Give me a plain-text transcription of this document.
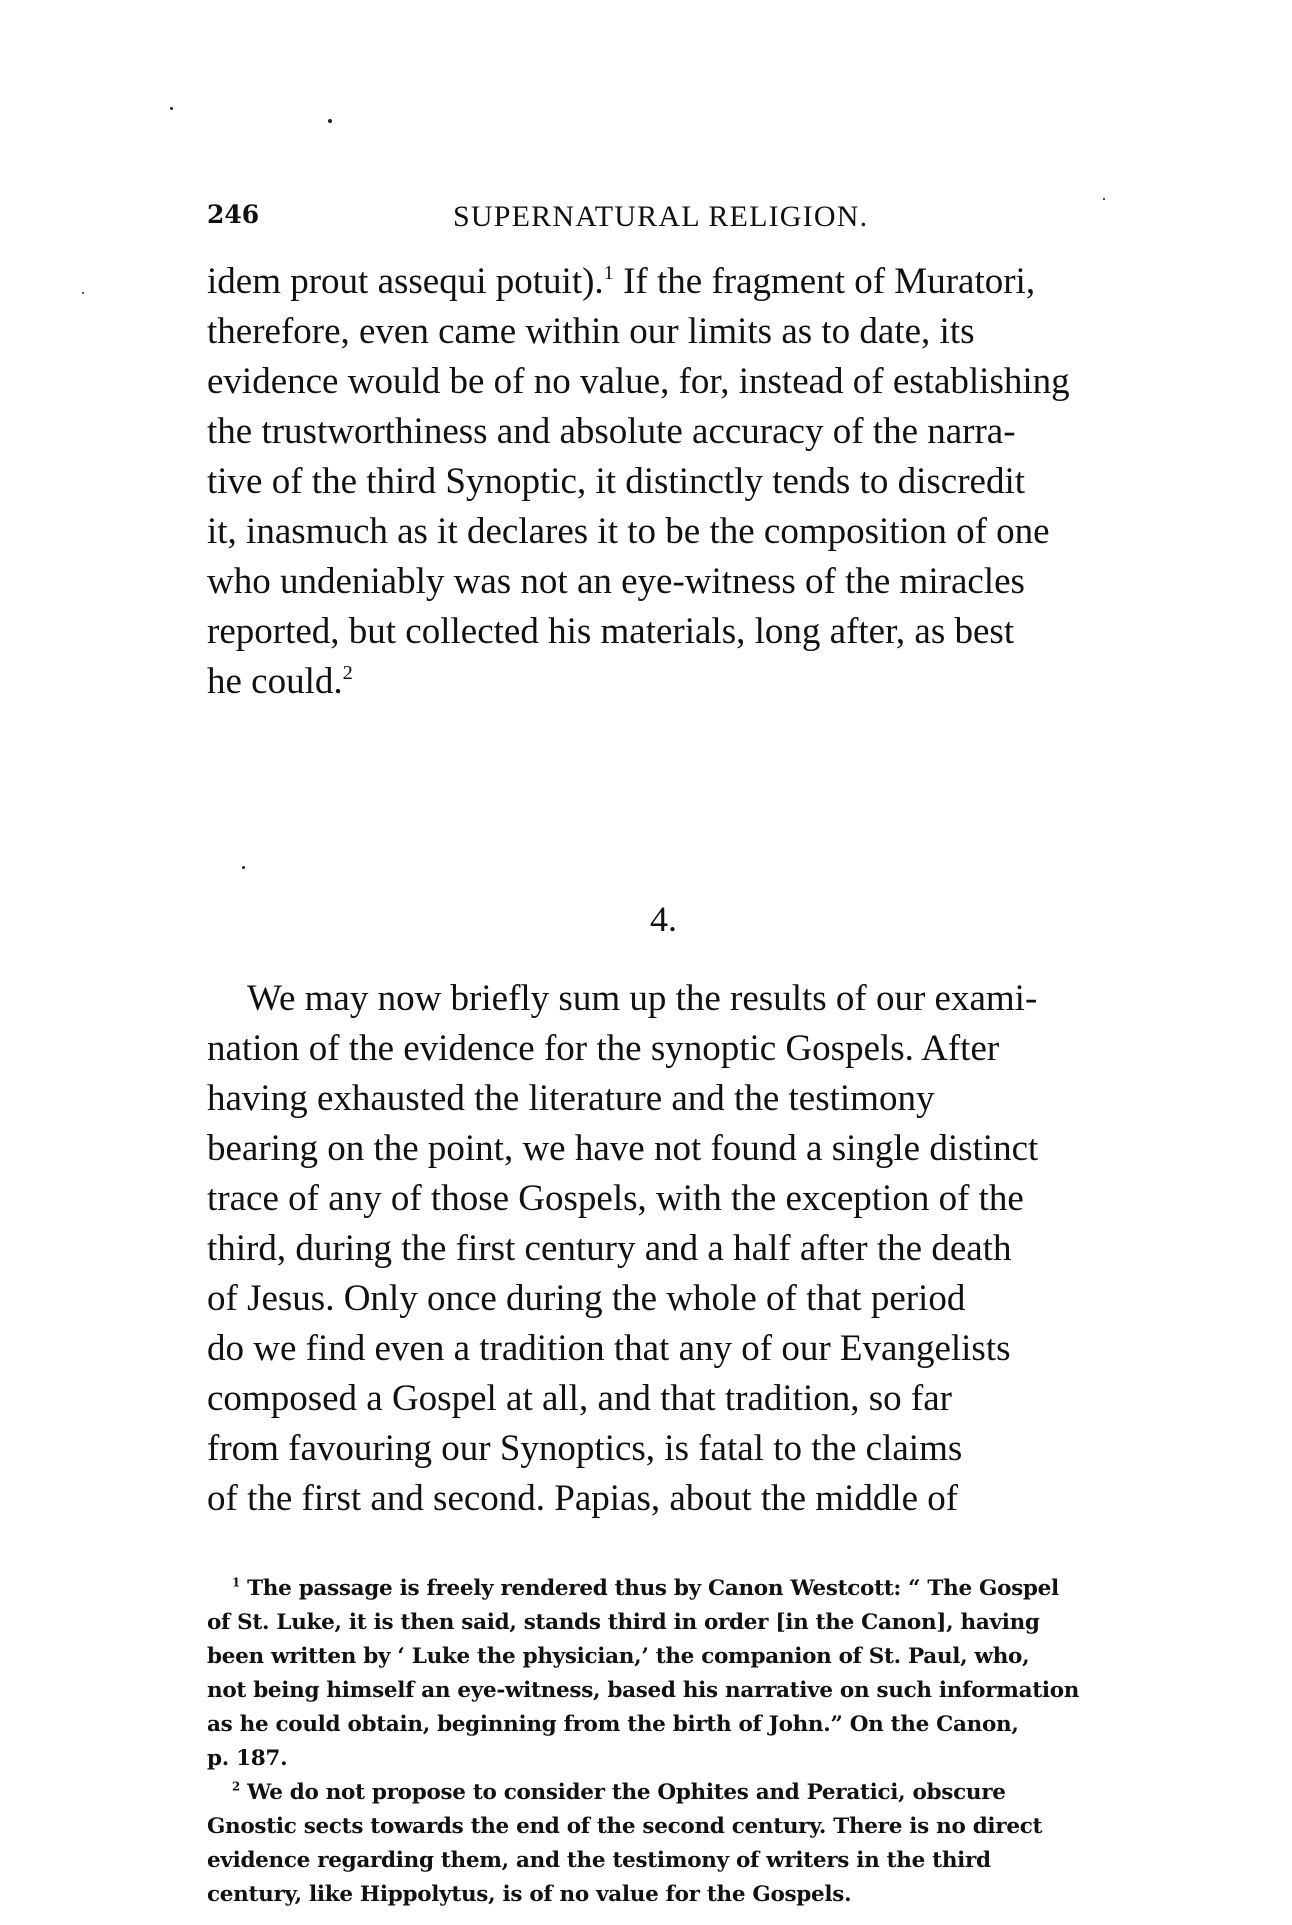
246	SUPERNATURAL RELIGION.
idem prout assequi potuit).$^1$ If the fragment of Muratori,
therefore, even came within our limits as to date, its
evidence would be of no value, for, instead of establishing
the trustworthiness and absolute accuracy of the narra-
tive of the third Synoptic, it distinctly tends to discredit
it, inasmuch as it declares it to be the composition of one
who undeniably was not an eye-witness of the miracles
reported, but collected his materials, long after, as best
he could.$^2$
4.
We may now briefly sum up the results of our exami-
nation of the evidence for the synoptic Gospels. After
having exhausted the literature and the testimony
bearing on the point, we have not found a single distinct
trace of any of those Gospels, with the exception of the
third, during the first century and a half after the death
of Jesus. Only once during the whole of that period
do we find even a tradition that any of our Evangelists
composed a Gospel at all, and that tradition, so far
from favouring our Synoptics, is fatal to the claims
of the first and second. Papias, about the middle of
$^1$ The passage is freely rendered thus by Canon Westcott: “ The Gospel
of St. Luke, it is then said, stands third in order [in the Canon], having
been written by ‘ Luke the physician,’ the companion of St. Paul, who,
not being himself an eye-witness, based his narrative on such information
as he could obtain, beginning from the birth of John.” On the Canon,
p. 187.
$^2$ We do not propose to consider the Ophites and Peratici, obscure
Gnostic sects towards the end of the second century. There is no direct
evidence regarding them, and the testimony of writers in the third
century, like Hippolytus, is of no value for the Gospels.
